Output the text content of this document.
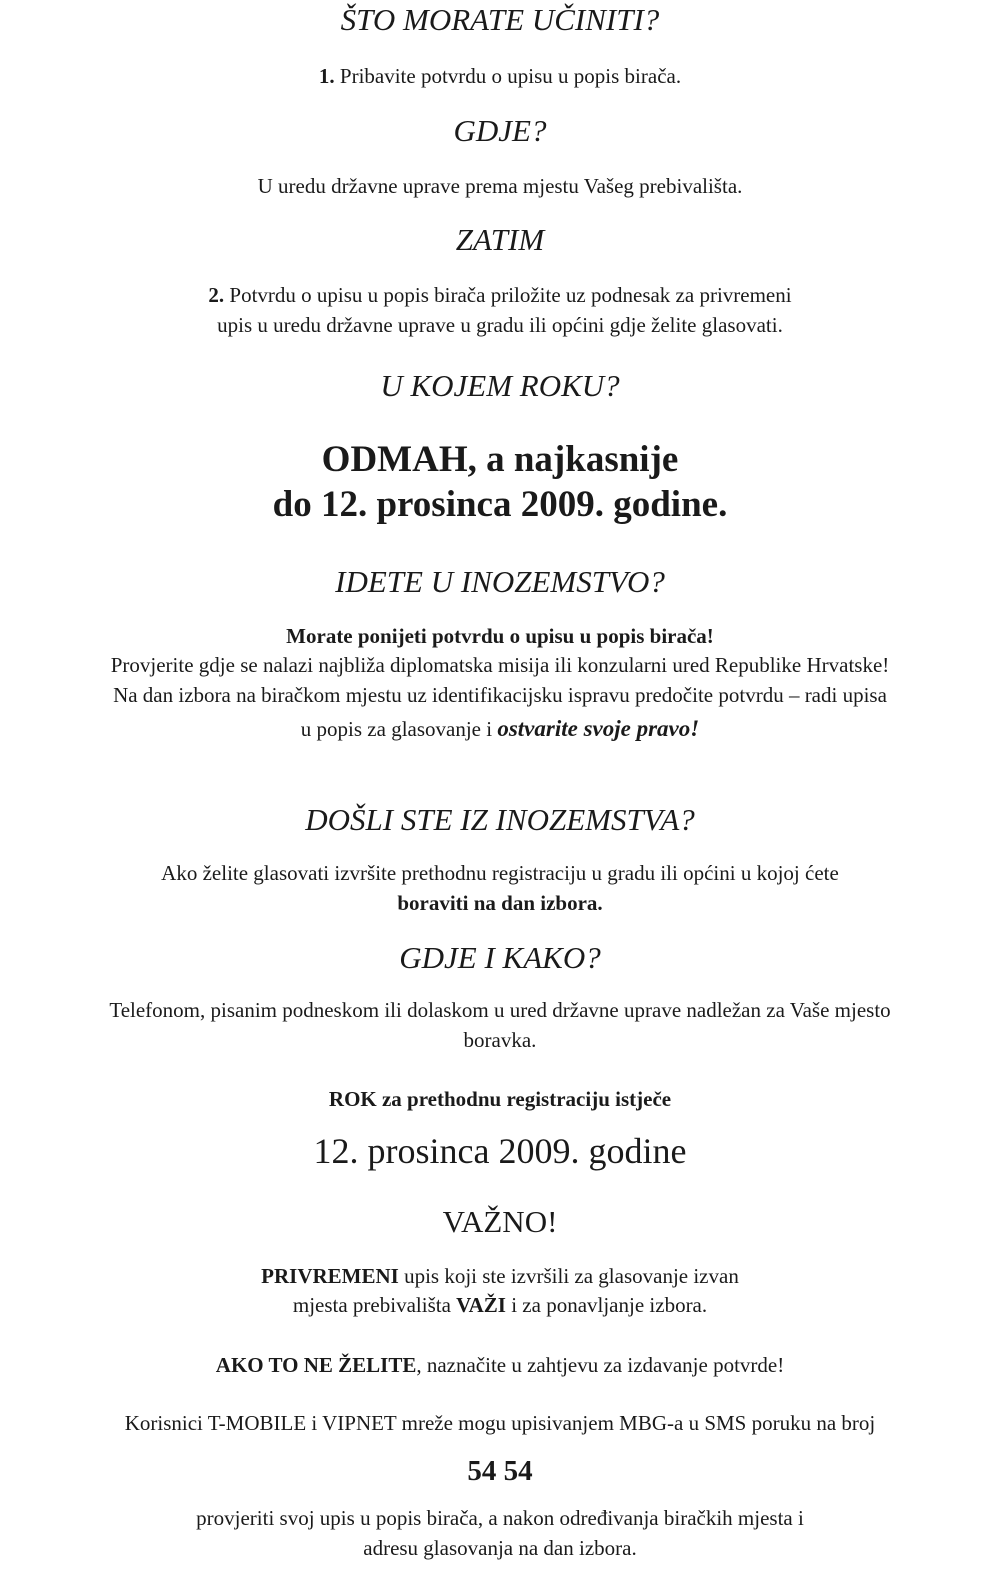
ŠTO MORATE UČINITI?
1. Pribavite potvrdu o upisu u popis birača.
GDJE?
U uredu državne uprave prema mjestu Vašeg prebivališta.
ZATIM
2. Potvrdu o upisu u popis birača priložite uz podnesak za privremeni
upis u uredu državne uprave u gradu ili općini gdje želite glasovati.
U KOJEM ROKU?
ODMAH, a najkasnije
do 12. prosinca 2009. godine.
IDETE U INOZEMSTVO?
Morate ponijeti potvrdu o upisu u popis birača!
Provjerite gdje se nalazi najbliža diplomatska misija ili konzularni ured Republike Hrvatske!
Na dan izbora na biračkom mjestu uz identifikacijsku ispravu predočite potvrdu – radi upisa
u popis za glasovanje i ostvarite svoje pravo!
DOŠLI STE IZ INOZEMSTVA?
Ako želite glasovati izvršite prethodnu registraciju u gradu ili općini u kojoj ćete
boraviti na dan izbora.
GDJE I KAKO?
Telefonom, pisanim podneskom ili dolaskom u ured državne uprave nadležan za Vaše mjesto
boravka.
ROK za prethodnu registraciju istječe
12. prosinca 2009. godine
VAŽNO!
PRIVREMENI upis koji ste izvršili za glasovanje izvan
mjesta prebivališta VAŽI i za ponavljanje izbora.
AKO TO NE ŽELITE, naznačite u zahtjevu za izdavanje potvrde!
Korisnici T-MOBILE i VIPNET mreže mogu upisivanjem MBG-a u SMS poruku na broj
54 54
provjeriti svoj upis u popis birača, a nakon određivanja biračkih mjesta i
adresu glasovanja na dan izbora.
